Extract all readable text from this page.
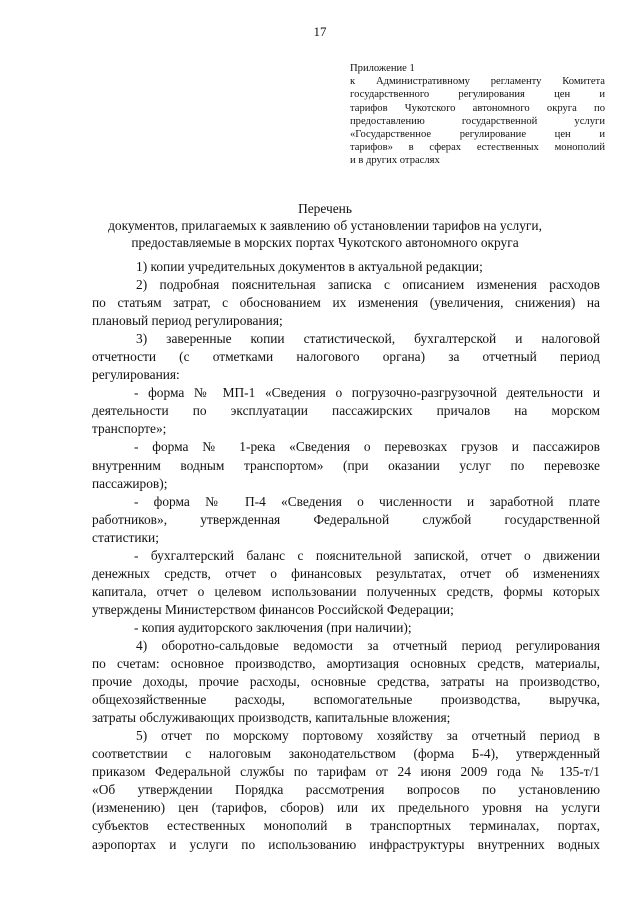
17
Приложение 1
к Административному регламенту Комитета
государственного регулирования цен и
тарифов Чукотского автономного округа по
предоставлению государственной услуги
«Государственное регулирование цен и
тарифов» в сферах естественных монополий
и в других отраслях
Перечень
документов, прилагаемых к заявлению об установлении тарифов на услуги,
предоставляемые в морских портах Чукотского автономного округа
1) копии учредительных документов в актуальной редакции;
2) подробная пояснительная записка с описанием изменения расходов
по статьям затрат, с обоснованием их изменения (увеличения, снижения) на
плановый период регулирования;
3) заверенные копии статистической, бухгалтерской и налоговой
отчетности (с отметками налогового органа) за отчетный период
регулирования:
- форма № МП-1 «Сведения о погрузочно-разгрузочной деятельности и
деятельности по эксплуатации пассажирских причалов на морском
транспорте»;
- форма № 1-река «Сведения о перевозках грузов и пассажиров
внутренним водным транспортом» (при оказании услуг по перевозке
пассажиров);
- форма № П-4 «Сведения о численности и заработной плате
работников», утвержденная Федеральной службой государственной
статистики;
- бухгалтерский баланс с пояснительной запиской, отчет о движении
денежных средств, отчет о финансовых результатах, отчет об изменениях
капитала, отчет о целевом использовании полученных средств, формы которых
утверждены Министерством финансов Российской Федерации;
- копия аудиторского заключения (при наличии);
4) оборотно-сальдовые ведомости за отчетный период регулирования
по счетам: основное производство, амортизация основных средств, материалы,
прочие доходы, прочие расходы, основные средства, затраты на производство,
общехозяйственные расходы, вспомогательные производства, выручка,
затраты обслуживающих производств, капитальные вложения;
5) отчет по морскому портовому хозяйству за отчетный период в
соответствии с налоговым законодательством (форма Б-4), утвержденный
приказом Федеральной службы по тарифам от 24 июня 2009 года № 135-т/1
«Об утверждении Порядка рассмотрения вопросов по установлению
(изменению) цен (тарифов, сборов) или их предельного уровня на услуги
субъектов естественных монополий в транспортных терминалах, портах,
аэропортах и услуги по использованию инфраструктуры внутренних водных
